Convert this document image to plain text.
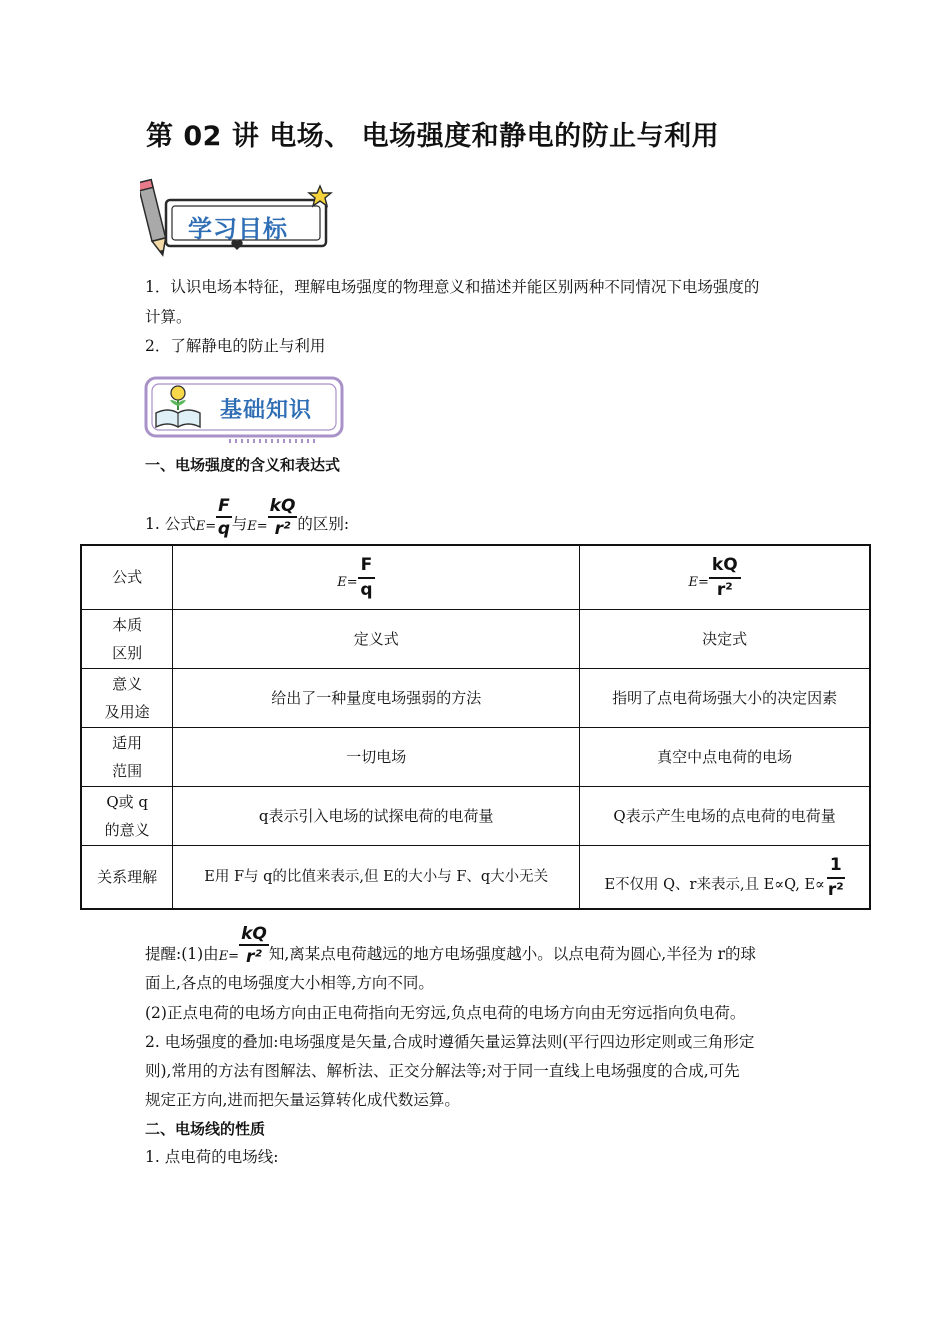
第 02 讲 电场、 电场强度和静电的防止与利用
学习目标
1．认识电场本特征，理解电场强度的物理意义和描述并能区别两种不同情况下电场强度的
计算。
2．了解静电的防止与利用
基础知识
一、电场强度的含义和表达式
1. 公式 $E= \frac{F}{q}$ 与 $E= \frac{kQ}{\text{r²}}$ 的区别:
公式	$E= \frac{F}{q}$	$E= \frac{kQ}{\text{r²}}$

本质
区别	定义式	决定式
意义
及用途	给出了一种量度电场强弱的方法	指明了点电荷场强大小的决定因素
适用
范围	一切电场	真空中点电荷的电场
Q或 q
的意义	q表示引入电场的试探电荷的电荷量	Q表示产生电场的点电荷的电荷量
关系理解	E用 F与 q的比值来表示,但 E的大小与 F、q大小无关	E不仅用 Q、r来表示,且 E∝Q, E∝
1
r²
提醒:(1)由 $E= \frac{kQ}{\text{r²}}$ 知,离某点电荷越远的地方电场强度越小。以点电荷为圆心,半径为 r的球
面上,各点的电场强度大小相等,方向不同。
(2)正点电荷的电场方向由正电荷指向无穷远,负点电荷的电场方向由无穷远指向负电荷。
2. 电场强度的叠加:电场强度是矢量,合成时遵循矢量运算法则(平行四边形定则或三角形定
则),常用的方法有图解法、解析法、正交分解法等;对于同一直线上电场强度的合成,可先
规定正方向,进而把矢量运算转化成代数运算。
二、电场线的性质
1. 点电荷的电场线:
